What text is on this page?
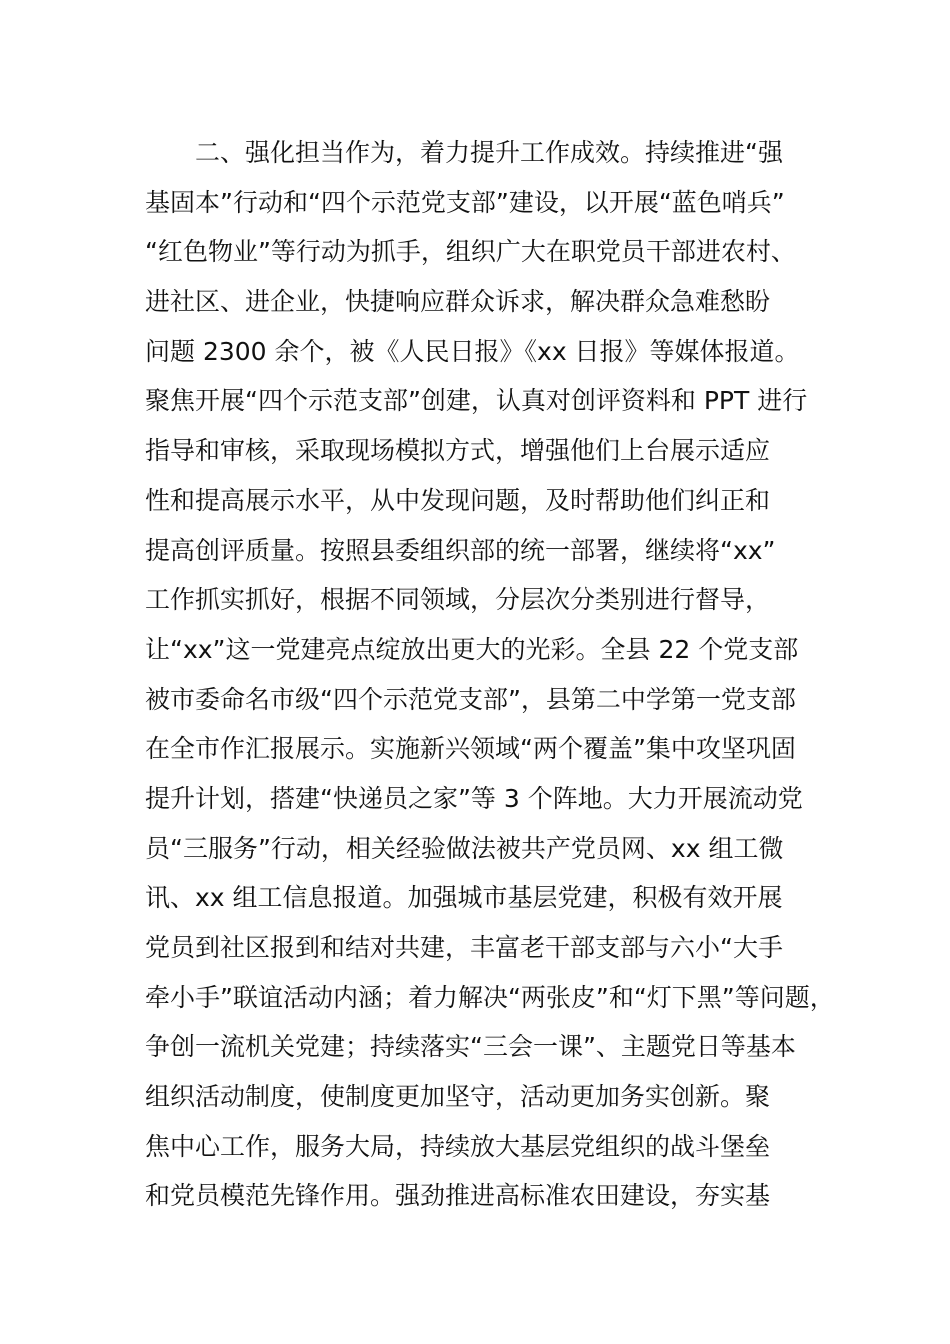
二、强化担当作为，着力提升工作成效。持续推进“强
基固本”行动和“四个示范党支部”建设，以开展“蓝色哨兵”
“红色物业”等行动为抓手，组织广大在职党员干部进农村、
进社区、进企业，快捷响应群众诉求，解决群众急难愁盼
问题 2300 余个，被《人民日报》《xx 日报》等媒体报道。
聚焦开展“四个示范支部”创建，认真对创评资料和 PPT 进行
指导和审核，采取现场模拟方式，增强他们上台展示适应
性和提高展示水平，从中发现问题，及时帮助他们纠正和
提高创评质量。按照县委组织部的统一部署，继续将“xx”
工作抓实抓好，根据不同领域，分层次分类别进行督导，
让“xx”这一党建亮点绽放出更大的光彩。全县 22 个党支部
被市委命名市级“四个示范党支部”，县第二中学第一党支部
在全市作汇报展示。实施新兴领域“两个覆盖”集中攻坚巩固
提升计划，搭建“快递员之家”等 3 个阵地。大力开展流动党
员“三服务”行动，相关经验做法被共产党员网、xx 组工微
讯、xx 组工信息报道。加强城市基层党建，积极有效开展
党员到社区报到和结对共建，丰富老干部支部与六小“大手
牵小手”联谊活动内涵；着力解决“两张皮”和“灯下黑”等问题，
争创一流机关党建；持续落实“三会一课”、主题党日等基本
组织活动制度，使制度更加坚守，活动更加务实创新。聚
焦中心工作，服务大局，持续放大基层党组织的战斗堡垒
和党员模范先锋作用。强劲推进高标准农田建设，夯实基
